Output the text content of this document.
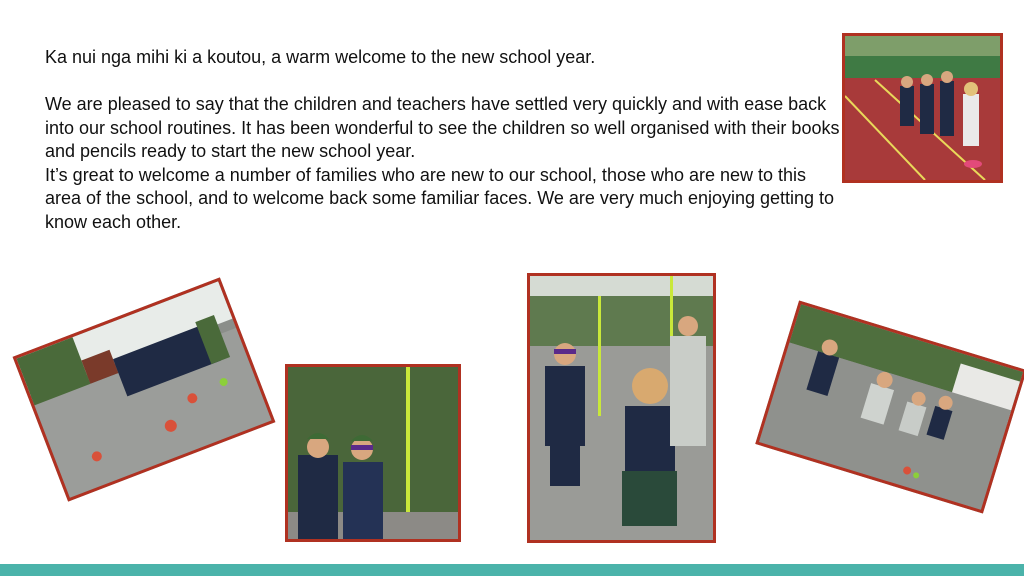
Ka nui nga mihi ki a koutou, a warm welcome to the new school year.

We are pleased to say that the children and teachers have settled very quickly and with ease back into our school routines. It has been wonderful to see the children so well organised with their books and pencils ready to start the new school year.

It’s great to welcome a number of families who are new to our school, those who are new to this area of the school, and to welcome back some familiar faces. We are very much enjoying getting to know each other.
